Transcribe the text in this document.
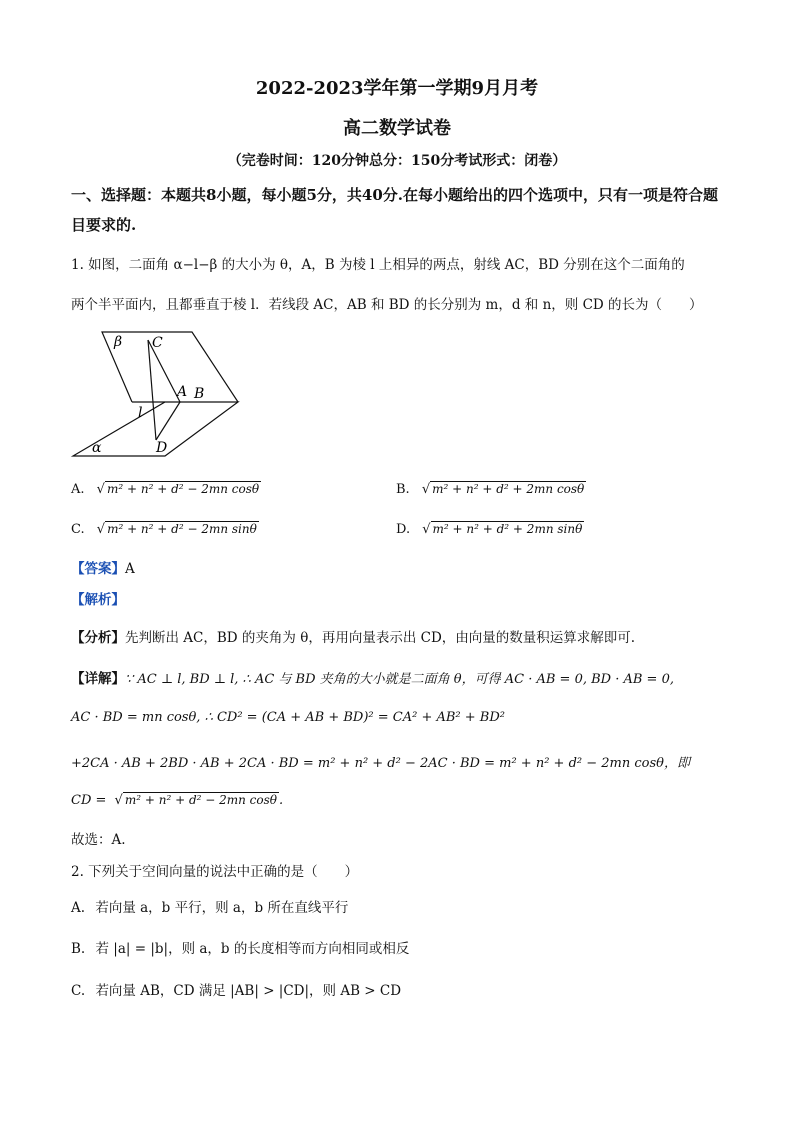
2022-2023学年第一学期9月月考
高二数学试卷
（完卷时间：120分钟总分：150分考试形式：闭卷）
一、选择题：本题共8小题，每小题5分，共40分.在每小题给出的四个选项中，只有一项是符合题目要求的.
1. 如图，二面角 α−l−β 的大小为 θ，A，B 为棱 l 上相异的两点，射线 AC，BD 分别在这个二面角的
两个半平面内，且都垂直于棱 l．若线段 AC，AB 和 BD 的长分别为 m，d 和 n，则 CD 的长为（　　）
β C
A B
l
D
α
A. √ m² + n² + d² − 2mn cosθ	B. √ m² + n² + d² + 2mn cosθ
C. √ m² + n² + d² − 2mn sinθ	D. √ m² + n² + d² + 2mn sinθ
【答案】A
【解析】
【分析】先判断出 AC，BD 的夹角为 θ，再用向量表示出 CD，由向量的数量积运算求解即可.
【详解】∵ AC ⊥ l, BD ⊥ l, ∴ AC 与 BD 夹角的大小就是二面角 θ，可得 AC · AB = 0, BD · AB = 0,
AC · BD = mn cosθ, ∴ CD² = (CA + AB + BD)² = CA² + AB² + BD²
+2CA · AB + 2BD · AB + 2CA · BD = m² + n² + d² − 2AC · BD = m² + n² + d² − 2mn cosθ，即
CD = √ m² + n² + d² − 2mn cosθ .
故选：A.
2. 下列关于空间向量的说法中正确的是（　　）
A. 若向量 a，b 平行，则 a，b 所在直线平行
B. 若 |a| = |b|，则 a，b 的长度相等而方向相同或相反
C. 若向量 AB，CD 满足 |AB| > |CD|，则 AB > CD
